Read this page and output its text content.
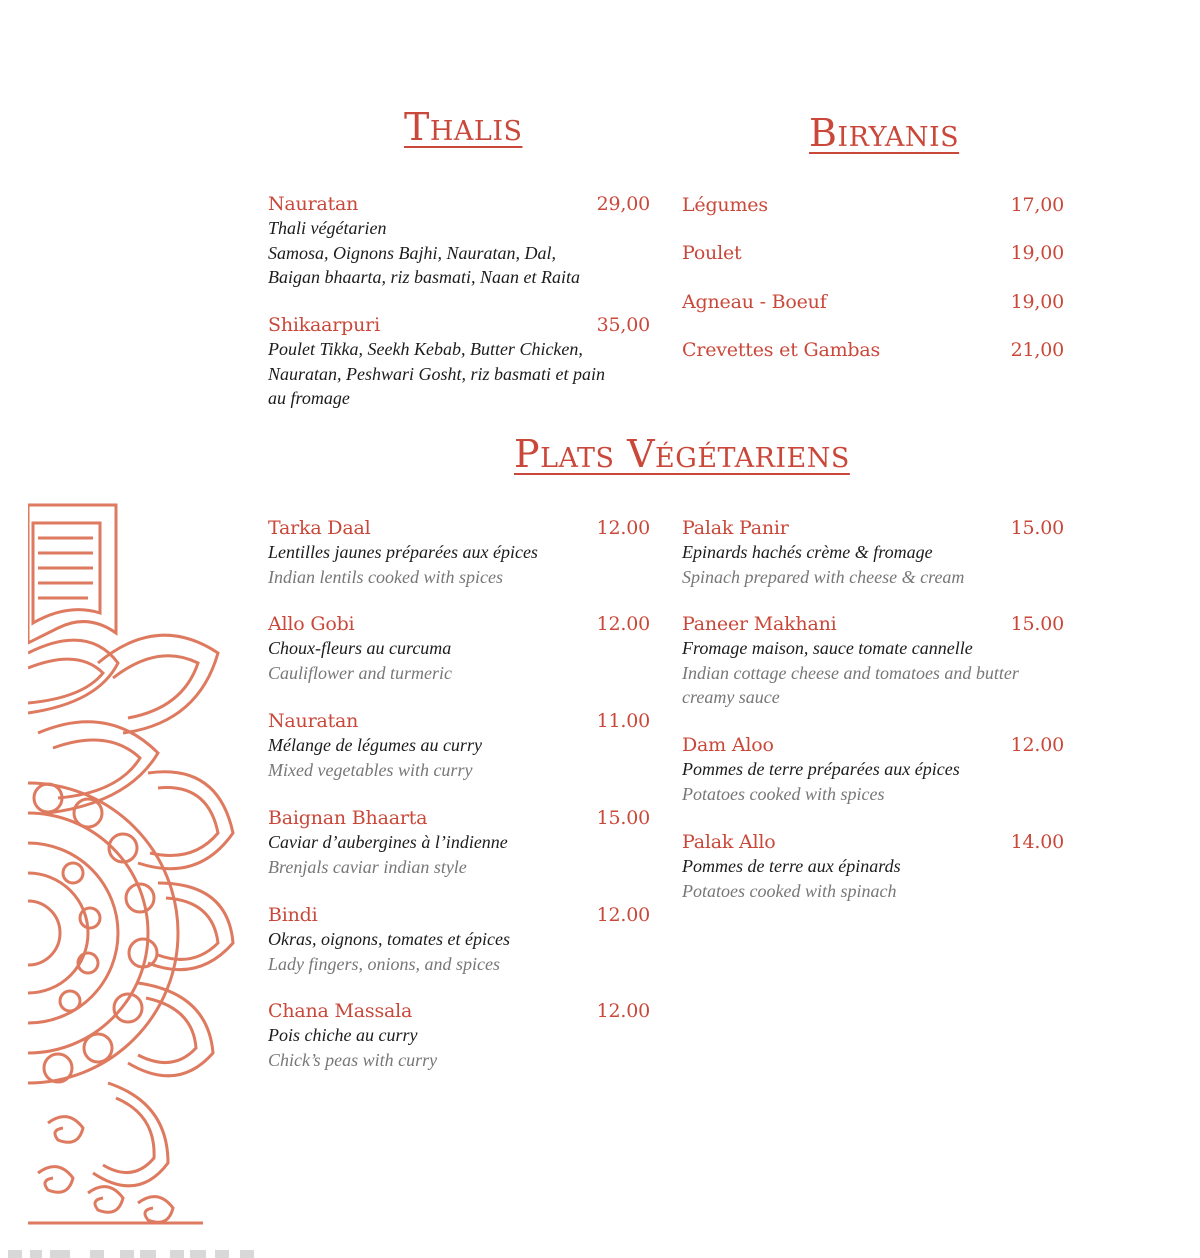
Thalis	Biryanis
Plats Végétariens
Nauratan	29,00
Thali végétarien
Samosa, Oignons Bajhi, Nauratan, Dal,
Baigan bhaarta, riz basmati, Naan et Raita
Shikaarpuri	35,00
Poulet Tikka, Seekh Kebab, Butter Chicken,
Nauratan, Peshwari Gosht, riz basmati et pain
au fromage
Légumes	17,00
Poulet	19,00
Agneau - Boeuf	19,00
Crevettes et Gambas	21,00
Tarka Daal	12.00
Lentilles jaunes préparées aux épices
Indian lentils cooked with spices
Allo Gobi	12.00
Choux-fleurs au curcuma
Cauliflower and turmeric
Nauratan	11.00
Mélange de légumes au curry
Mixed vegetables with curry
Baignan Bhaarta	15.00
Caviar d’aubergines à l’indienne
Brenjals caviar indian style
Bindi	12.00
Okras, oignons, tomates et épices
Lady fingers, onions, and spices
Chana Massala	12.00
Pois chiche au curry
Chick’s peas with curry
Palak Panir	15.00
Epinards hachés crème & fromage
Spinach prepared with cheese & cream
Paneer Makhani	15.00
Fromage maison, sauce tomate cannelle
Indian cottage cheese and tomatoes and butter
creamy sauce
Dam Aloo	12.00
Pommes de terre préparées aux épices
Potatoes cooked with spices
Palak Allo	14.00
Pommes de terre aux épinards
Potatoes cooked with spinach
